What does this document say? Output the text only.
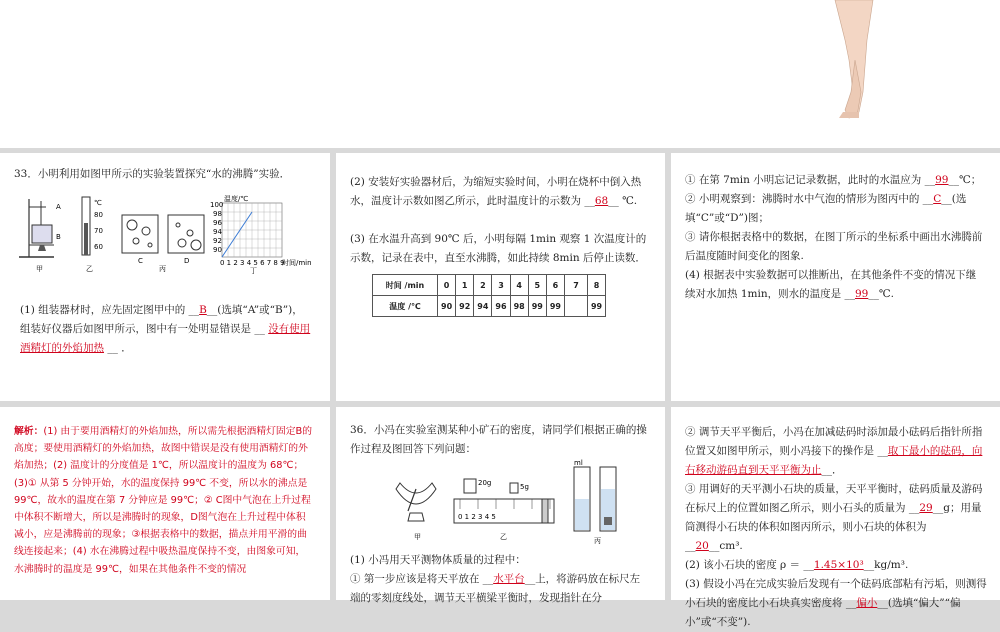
33．小明利用如图甲所示的实验装置探究“水的沸腾”实验．
A
B
甲
℃
80
70
60
乙
C	D
丙
温度/℃
100
98
96
94
92
90
0 1 2 3 4 5 6 7 8 9
时间/min
丁
(1) 组装器材时，应先固定图甲中的 __B__(选填“A”或“B”)，组装好仪器后如图甲所示，图中有一处明显错误是 __ 没有使用酒精灯的外焰加热 __ ．
(2) 安装好实验器材后，为缩短实验时间，小明在烧杯中倒入热水，温度计示数如图乙所示，此时温度计的示数为 __68__ ℃.
(3) 在水温升高到 90℃ 后，小明每隔 1min 观察 1 次温度计的示数，记录在表中，直至水沸腾，如此持续 8min 后停止读数．
时间 /min	0	1	2	3	4	5	6	7	8
温度 /℃	90	92	94	96	98	99	99		99
① 在第 7min 小明忘记记录数据，此时的水温应为 __99__℃；
② 小明观察到：沸腾时水中气泡的情形为图丙中的 __C__(选填“C”或“D”)图；
③ 请你根据表格中的数据，在图丁所示的坐标系中画出水沸腾前后温度随时间变化的图象.
(4) 根据表中实验数据可以推断出，在其他条件不变的情况下继续对水加热 1min，则水的温度是 __99__℃.
解析：(1) 由于要用酒精灯的外焰加热，所以需先根据酒精灯固定B的高度；要使用酒精灯的外焰加热，故图中错误是没有使用酒精灯的外焰加热；(2) 温度计的分度值是 1℃，所以温度计的温度为 68℃；(3)① 从第 5 分钟开始，水的温度保持 99℃ 不变，所以水的沸点是 99℃，故水的温度在第 7 分钟应是 99℃；② C图中气泡在上升过程中体积不断增大，所以是沸腾时的现象，D图气泡在上升过程中体积减小，应是沸腾前的现象；③根据表格中的数据，描点并用平滑的曲线连接起来；(4) 水在沸腾过程中吸热温度保持不变，由图象可知，水沸腾时的温度是 99℃，如果在其他条件不变的情况
36．小冯在实验室测某种小矿石的密度，请同学们根据正确的操作过程及图回答下列问题：
甲
20g	5g
0 1 2 3 4 5
乙
ml
丙
(1) 小冯用天平测物体质量的过程中：
① 第一步应该是将天平放在 __水平台__上，将游码放在标尺左端的零刻度线处，调节天平横梁平衡时，发现指针在分
② 调节天平平衡后，小冯在加减砝码时添加最小砝码后指针所指位置又如图甲所示，则小冯接下的操作是 __取下最小的砝码，向右移动游码直到天平平衡为止__．
③ 用调好的天平测小石块的质量，天平平衡时，砝码质量及游码在标尺上的位置如图乙所示，则小石头的质量为 __29__g；用量筒测得小石块的体积如图丙所示，则小石块的体积为 __20__cm³.
(2) 该小石块的密度 ρ ＝ __1.45×10³__kg/m³.
(3) 假设小冯在完成实验后发现有一个砝码底部粘有污垢，则测得小石块的密度比小石块真实密度将 __偏小__(选填“偏大”“偏小”或“不变”).
